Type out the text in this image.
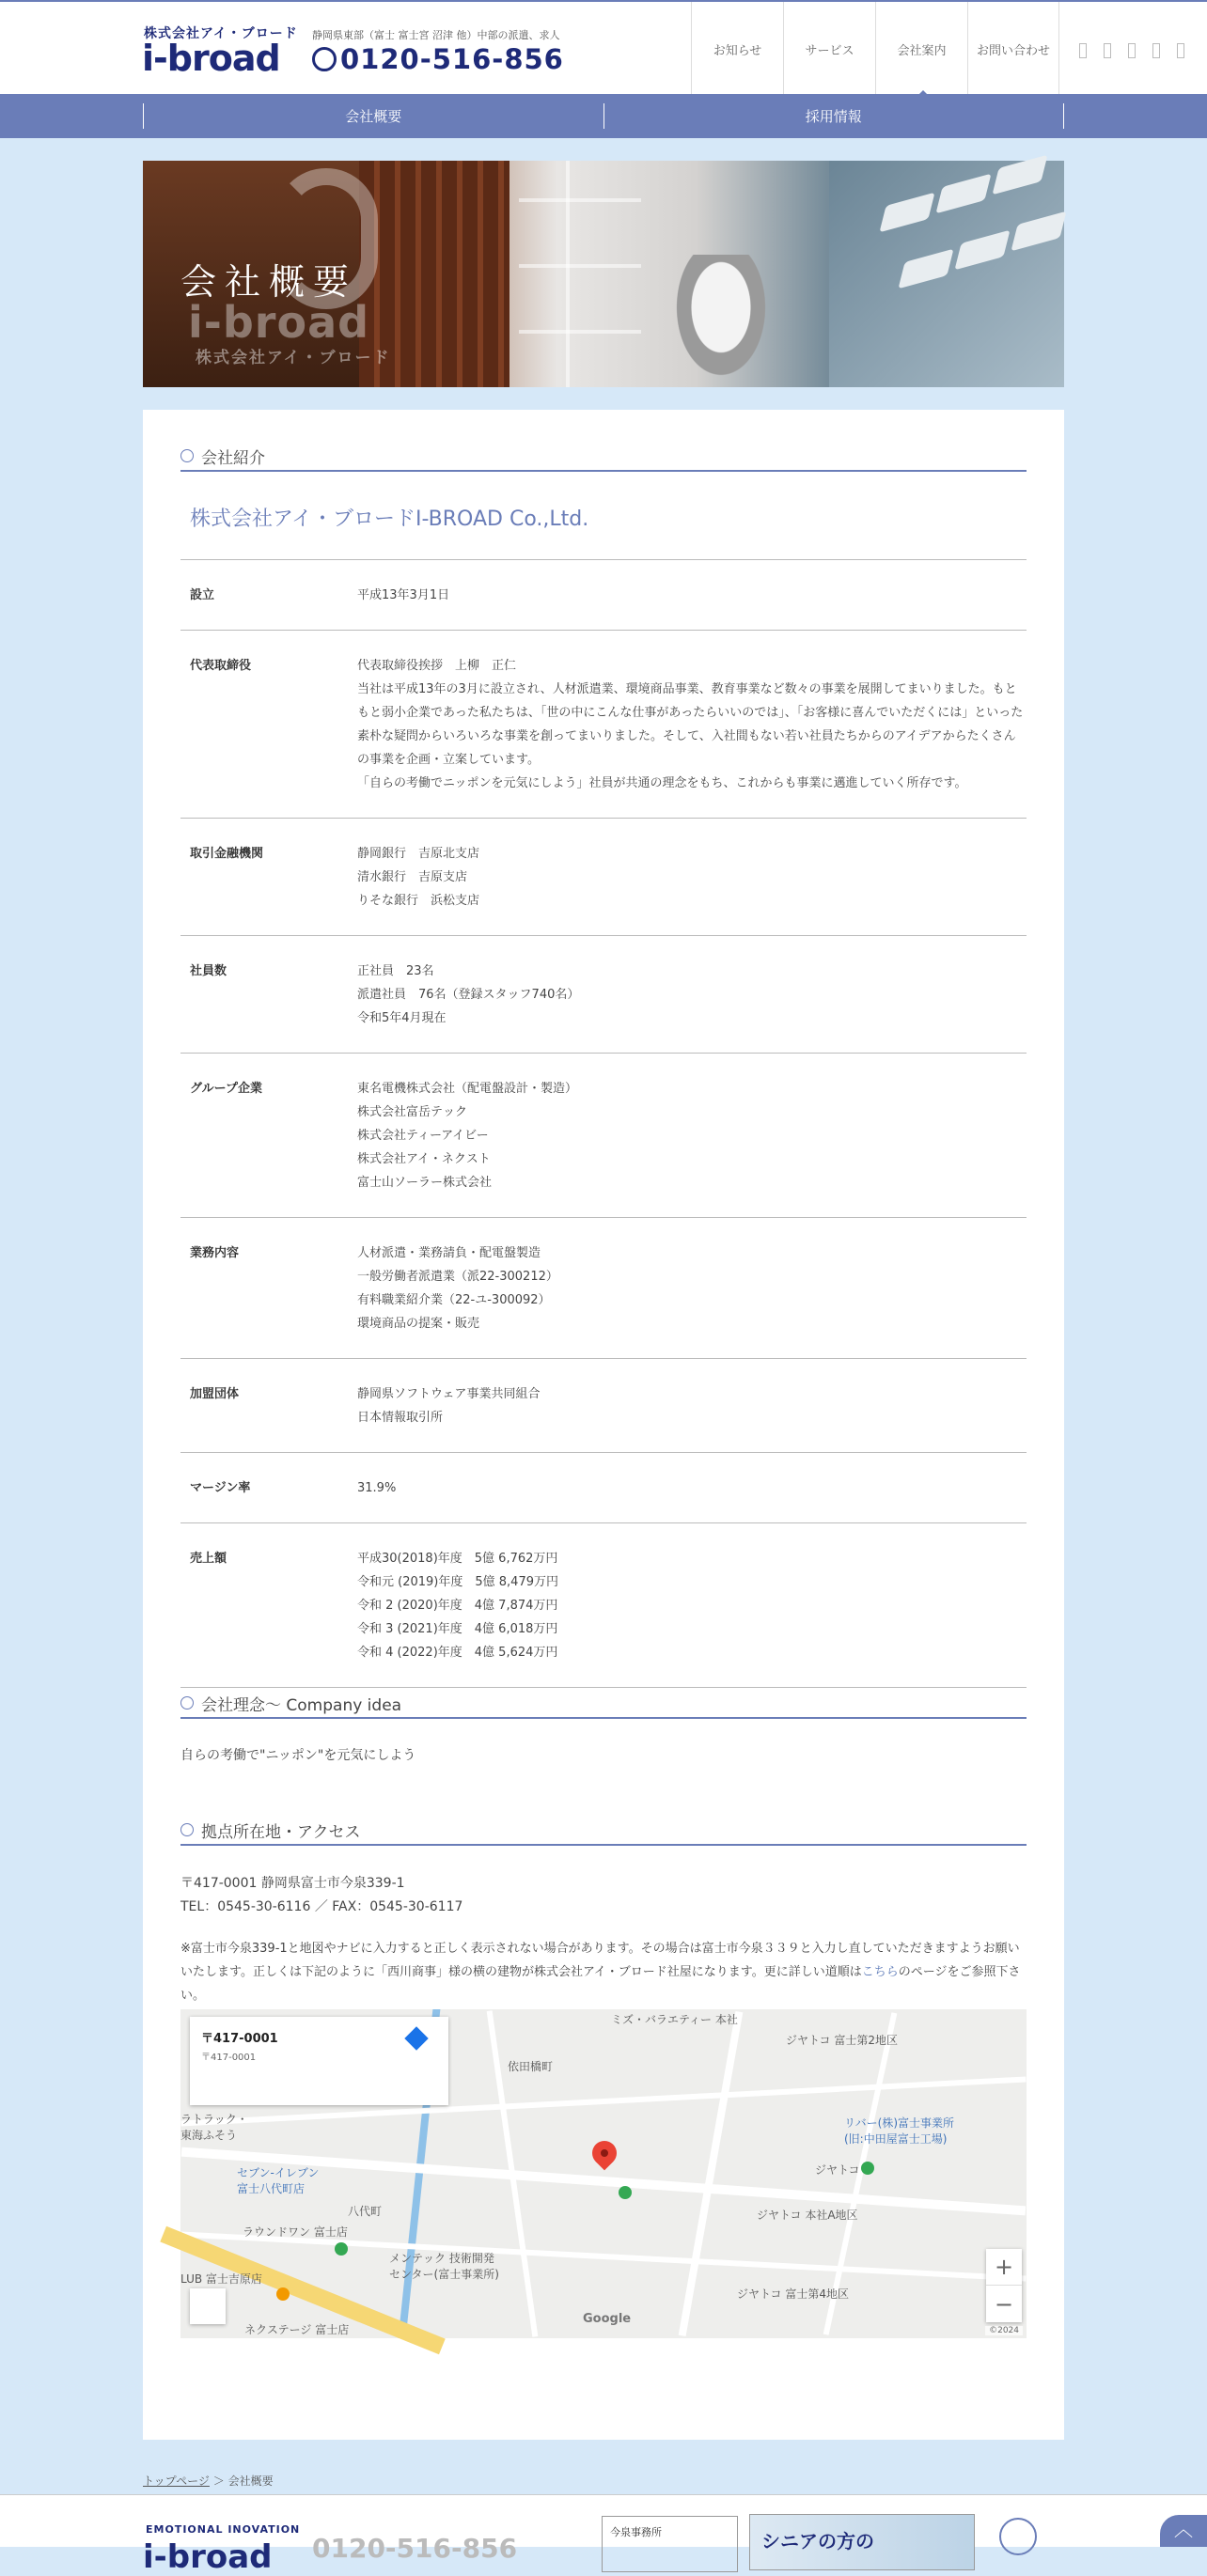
株式会社アイ・ブロード
i-broad
静岡県東部（富士 富士宮 沼津 他）中部の派遣、求人
0120-516-856	お知らせ	サービス	会社案内	お問い合わせ
会社概要	採用情報
i-broad
株式会社アイ・ブロード
会社概要
会社紹介
株式会社アイ・ブロードI-BROAD Co.,Ltd.
設立	平成13年3月1日
代表取締役	代表取締役挨拶　上柳　正仁
当社は平成13年の3月に設立され、人材派遣業、環境商品事業、教育事業など数々の事業を展開してまいりました。もともと弱小企業であった私たちは、「世の中にこんな仕事があったらいいのでは」、「お客様に喜んでいただくには」といった素朴な疑問からいろいろな事業を創ってまいりました。そして、入社間もない若い社員たちからのアイデアからたくさんの事業を企画・立案しています。
「自らの考働でニッポンを元気にしよう」社員が共通の理念をもち、これからも事業に邁進していく所存です。
取引金融機関	静岡銀行　吉原北支店
清水銀行　吉原支店
りそな銀行　浜松支店
社員数	正社員　23名
派遣社員　76名（登録スタッフ740名）
令和5年4月現在
グループ企業	東名電機株式会社（配電盤設計・製造）
株式会社富岳テック
株式会社ティーアイビー
株式会社アイ・ネクスト
富士山ソーラー株式会社
業務内容	人材派遣・業務請負・配電盤製造
一般労働者派遣業（派22-300212）
有料職業紹介業（22-ユ-300092）
環境商品の提案・販売
加盟団体	静岡県ソフトウェア事業共同組合
日本情報取引所
マージン率	31.9%
売上額	平成30(2018)年度　5億 6,762万円
令和元 (2019)年度　5億 8,479万円
令和 2 (2020)年度　4億 7,874万円
令和 3 (2021)年度　4億 6,018万円
令和 4 (2022)年度　4億 5,624万円
会社理念～ Company idea
自らの考働で"ニッポン"を元気にしよう
拠点所在地・アクセス
〒417-0001 静岡県富士市今泉339-1
TEL：0545-30-6116 ／ FAX：0545-30-6117
※富士市今泉339-1と地図やナビに入力すると正しく表示されない場合があります。その場合は富士市今泉３３９と入力し直していただきますようお願いいたします。正しくは下記のように「西川商事」様の横の建物が株式会社アイ・ブロード社屋になります。更に詳しい道順はこちらのページをご参照下さい。
〒417-0001
〒417-0001
ミズ・バラエティー 本社
ジヤトコ 富士第2地区
依田橋町
リバー(株)富士事業所
(旧:中田屋富士工場)
ジヤトコ
ジヤトコ 本社A地区
セブン-イレブン
富士八代町店
八代町
ラウンドワン 富士店
メンテック 技術開発
センター(富士事業所)
ジヤトコ 富士第4地区
ネクステージ 富士店
LUB 富士吉原店
ラトラック・
東海ふそう
+
−
Google
©2024
トップページ ＞ 会社概要
EMOTIONAL INOVATION
i-broad 0120-516-856
今泉事務所	シニアの方の
︿
